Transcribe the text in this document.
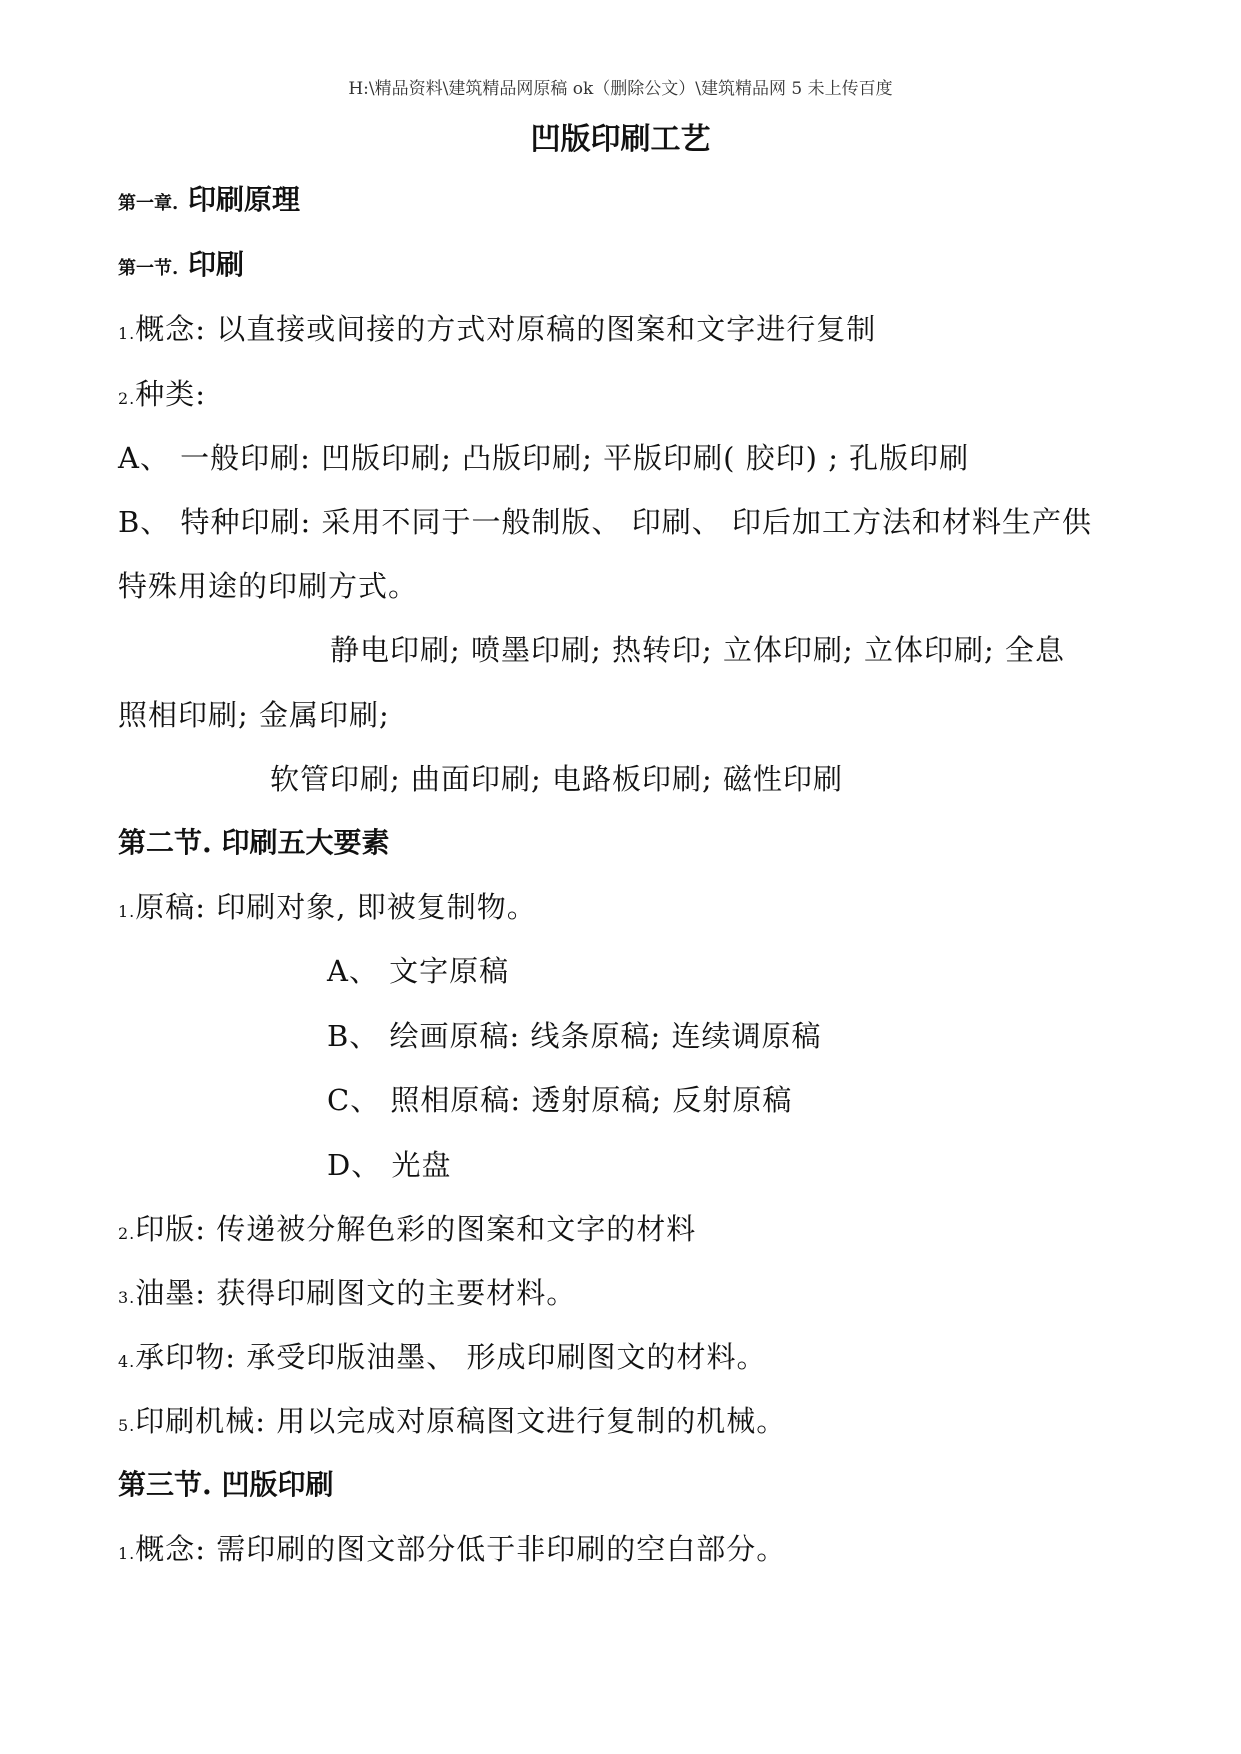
H:\精品资料\建筑精品网原稿 ok（删除公文）\建筑精品网 5 未上传百度
凹版印刷工艺
第一章. 印刷原理
第一节. 印刷
1.概念: 以直接或间接的方式对原稿的图案和文字进行复制
2.种类:
A、 一般印刷: 凹版印刷; 凸版印刷; 平版印刷( 胶印) ; 孔版印刷
B、 特种印刷: 采用不同于一般制版、 印刷、 印后加工方法和材料生产供
特殊用途的印刷方式。
静电印刷; 喷墨印刷; 热转印; 立体印刷; 立体印刷; 全息
照相印刷; 金属印刷;
软管印刷; 曲面印刷; 电路板印刷; 磁性印刷
第二节. 印刷五大要素
1.原稿: 印刷对象, 即被复制物。
A、 文字原稿
B、 绘画原稿: 线条原稿; 连续调原稿
C、 照相原稿: 透射原稿; 反射原稿
D、 光盘
2.印版: 传递被分解色彩的图案和文字的材料
3.油墨: 获得印刷图文的主要材料。
4.承印物: 承受印版油墨、 形成印刷图文的材料。
5.印刷机械: 用以完成对原稿图文进行复制的机械。
第三节. 凹版印刷
1.概念: 需印刷的图文部分低于非印刷的空白部分。
